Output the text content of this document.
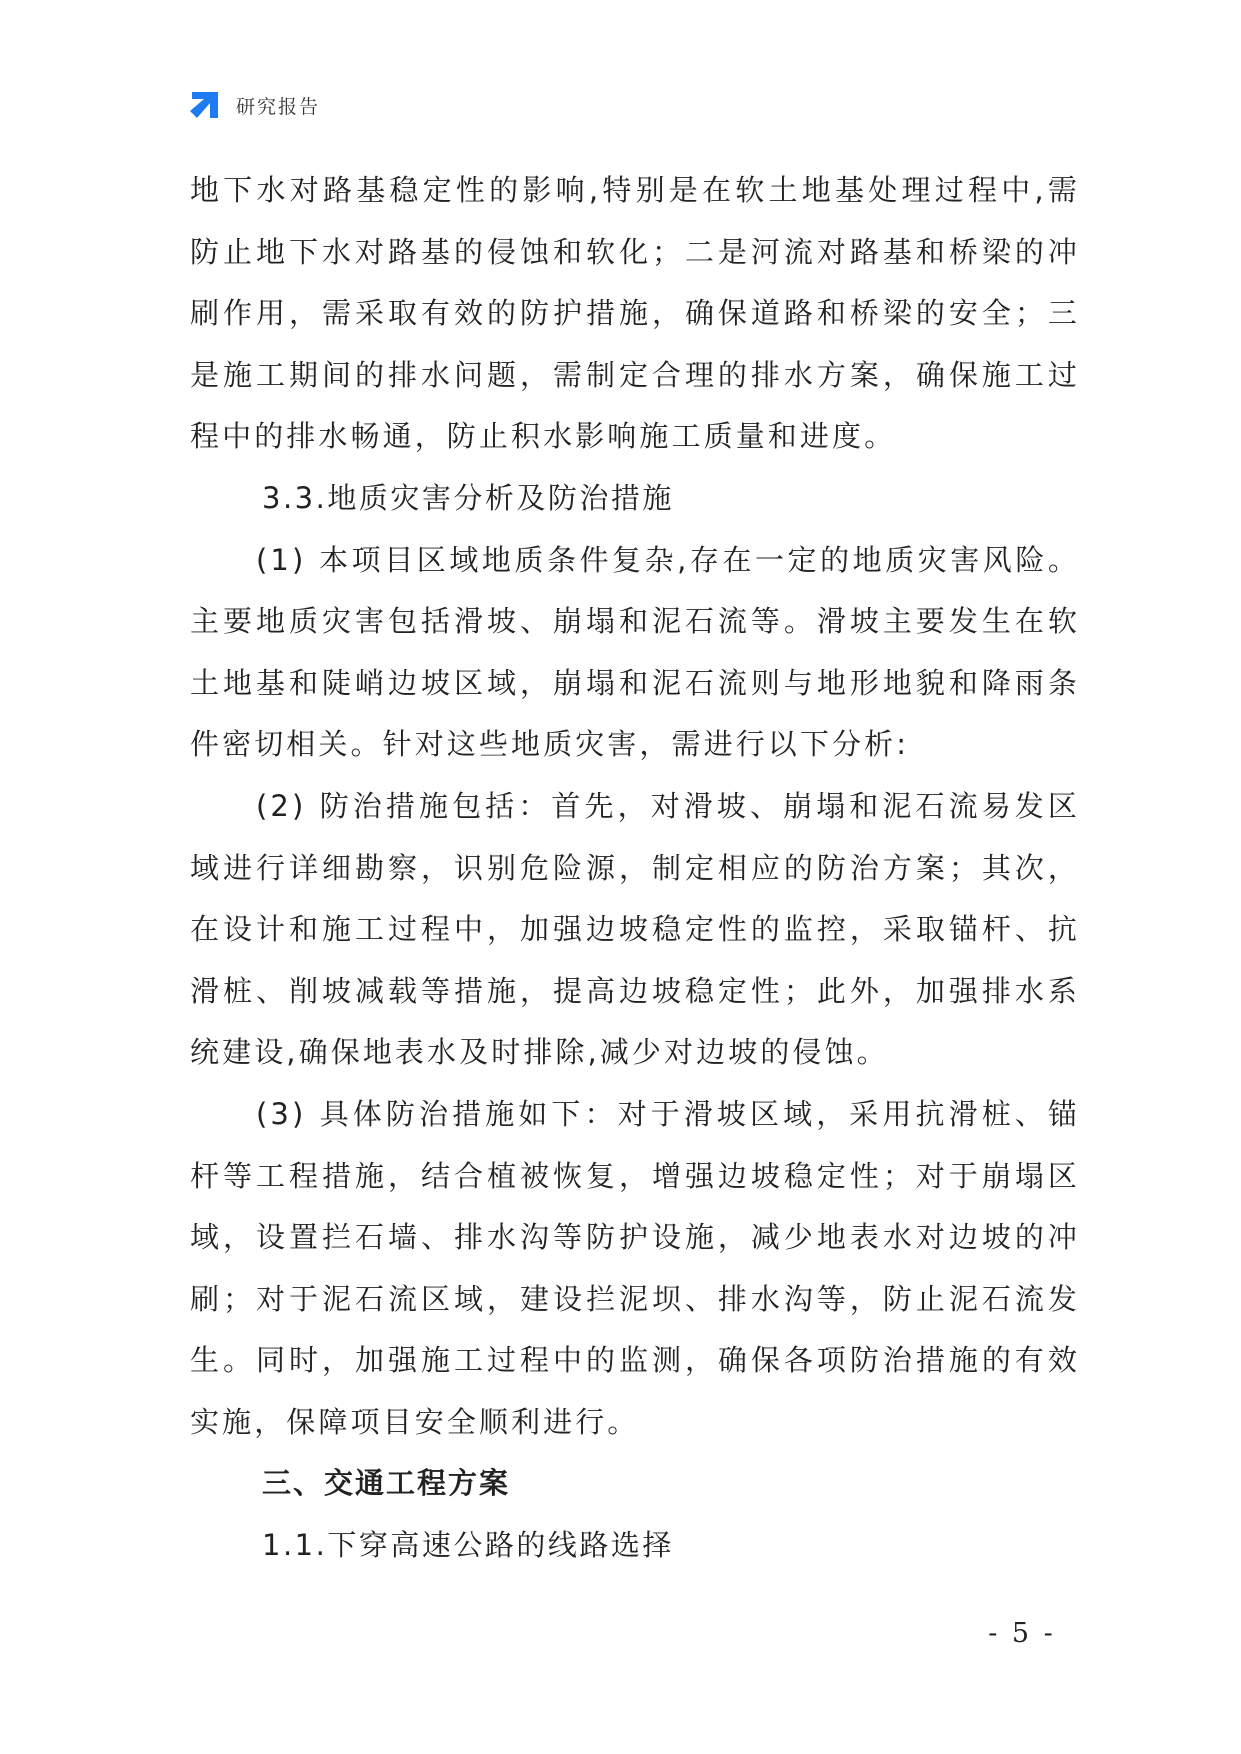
研究报告

地下水对路基稳定性的影响,特别是在软土地基处理过程中,需防止地下水对路基的侵蚀和软化；二是河流对路基和桥梁的冲刷作用，需采取有效的防护措施，确保道路和桥梁的安全；三是施工期间的排水问题，需制定合理的排水方案，确保施工过程中的排水畅通，防止积水影响施工质量和进度。

3.3.地质灾害分析及防治措施

(1) 本项目区域地质条件复杂,存在一定的地质灾害风险。主要地质灾害包括滑坡、崩塌和泥石流等。滑坡主要发生在软土地基和陡峭边坡区域，崩塌和泥石流则与地形地貌和降雨条件密切相关。针对这些地质灾害，需进行以下分析:

(2) 防治措施包括：首先，对滑坡、崩塌和泥石流易发区域进行详细勘察，识别危险源，制定相应的防治方案；其次，在设计和施工过程中，加强边坡稳定性的监控，采取锚杆、抗滑桩、削坡减载等措施，提高边坡稳定性；此外，加强排水系统建设,确保地表水及时排除,减少对边坡的侵蚀。

(3) 具体防治措施如下：对于滑坡区域，采用抗滑桩、锚杆等工程措施，结合植被恢复，增强边坡稳定性；对于崩塌区域，设置拦石墙、排水沟等防护设施，减少地表水对边坡的冲刷；对于泥石流区域，建设拦泥坝、排水沟等，防止泥石流发生。同时，加强施工过程中的监测，确保各项防治措施的有效实施，保障项目安全顺利进行。

三、交通工程方案

1.1.下穿高速公路的线路选择

- 5 -
